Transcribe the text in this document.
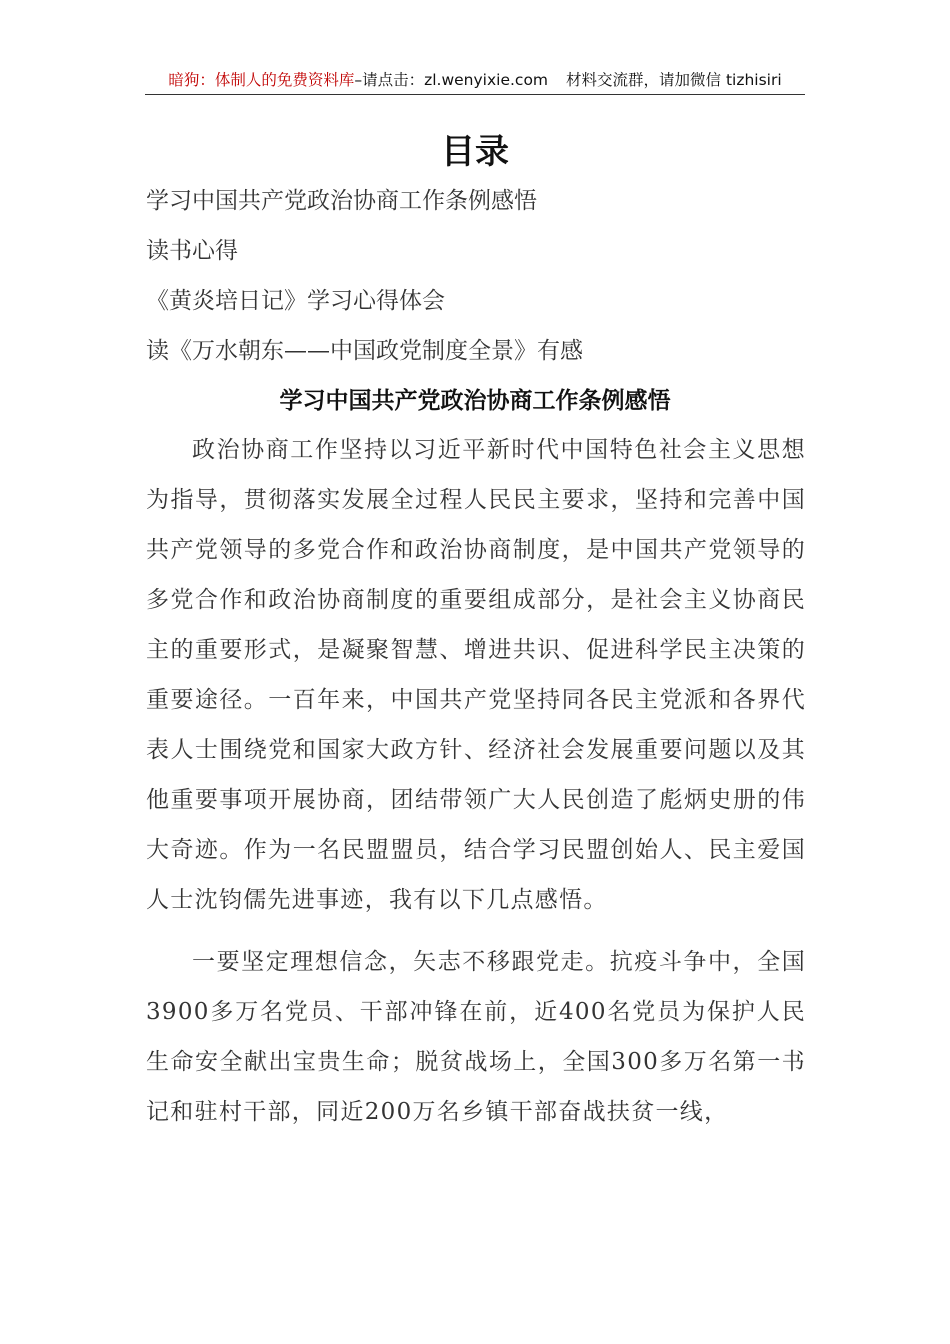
暗狗：体制人的免费资料库–请点击：zl.wenyixie.com 材料交流群，请加微信 tizhisiri
目录
学习中国共产党政治协商工作条例感悟
读书心得
《黄炎培日记》学习心得体会
读《万水朝东——中国政党制度全景》有感
学习中国共产党政治协商工作条例感悟

政治协商工作坚持以习近平新时代中国特色社会主义思想为指导，贯彻落实发展全过程人民民主要求，坚持和完善中国共产党领导的多党合作和政治协商制度，是中国共产党领导的多党合作和政治协商制度的重要组成部分，是社会主义协商民主的重要形式，是凝聚智慧、增进共识、促进科学民主决策的重要途径。一百年来，中国共产党坚持同各民主党派和各界代表人士围绕党和国家大政方针、经济社会发展重要问题以及其他重要事项开展协商，团结带领广大人民创造了彪炳史册的伟大奇迹。作为一名民盟盟员，结合学习民盟创始人、民主爱国人士沈钧儒先进事迹，我有以下几点感悟。

一要坚定理想信念，矢志不移跟党走。抗疫斗争中，全国3900多万名党员、干部冲锋在前，近400名党员为保护人民生命安全献出宝贵生命；脱贫战场上，全国300多万名第一书记和驻村干部，同近200万名乡镇干部奋战扶贫一线，
